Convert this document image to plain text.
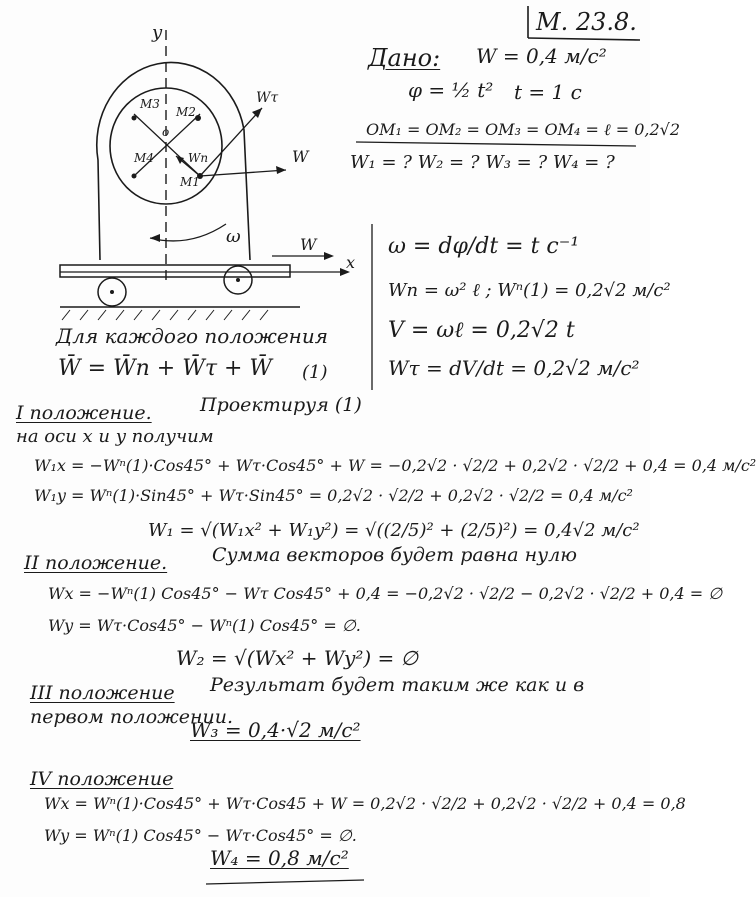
М. 23.8.
y
M3
M2
o
M4	Wn
M1
Wτ
W
ω
x
W
Дано: W = 0,4 м/с²
φ = ½ t² t = 1 с
OM₁ = OM₂ = OM₃ = OM₄ = ℓ = 0,2√2
W₁ = ? W₂ = ? W₃ = ? W₄ = ?
ω = dφ/dt = t c⁻¹
Wn = ω² ℓ ; Wⁿ(1) = 0,2√2 м/с²
V = ωℓ = 0,2√2 t
Wτ = dV/dt = 0,2√2 м/с²
Для каждого положения
W̄ = W̄n + W̄τ + W̄ (1)
I положение.	Проектируя (1)
на оси x и y получим
W₁x = −Wⁿ(1)·Cos45° + Wτ·Cos45° + W = −0,2√2 · √2/2 + 0,2√2 · √2/2 + 0,4 = 0,4 м/с²
W₁y = Wⁿ(1)·Sin45° + Wτ·Sin45° = 0,2√2 · √2/2 + 0,2√2 · √2/2 = 0,4 м/с²
W₁ = √(W₁x² + W₁y²) = √((2/5)² + (2/5)²) = 0,4√2 м/с²
II положение. Сумма векторов будет равна нулю
Wx = −Wⁿ(1) Cos45° − Wτ Cos45° + 0,4 = −0,2√2 · √2/2 − 0,2√2 · √2/2 + 0,4 = ∅
Wy = Wτ·Cos45° − Wⁿ(1) Cos45° = ∅.
W₂ = √(Wx² + Wy²) = ∅
III положение Результат будет таким же как и в
первом положении.
W₃ = 0,4·√2 м/с²
IV положение
Wx = Wⁿ(1)·Cos45° + Wτ·Cos45 + W = 0,2√2 · √2/2 + 0,2√2 · √2/2 + 0,4 = 0,8
Wy = Wⁿ(1) Cos45° − Wτ·Cos45° = ∅.
W₄ = 0,8 м/с²
